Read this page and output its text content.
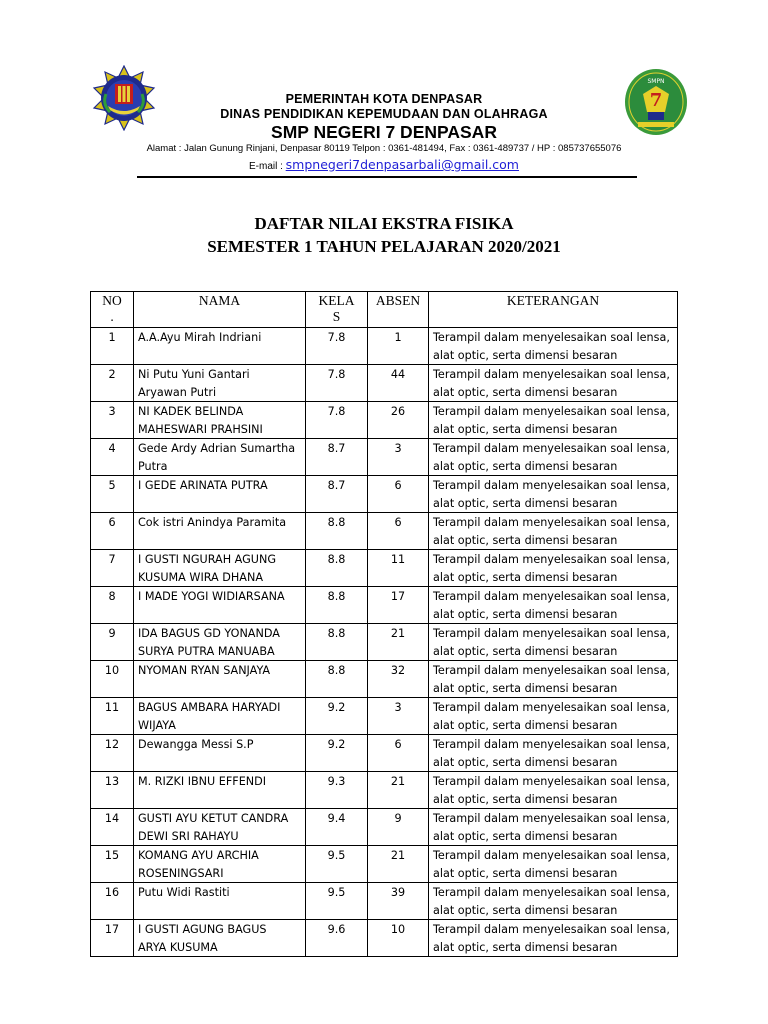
SMPN
7
PEMERINTAH KOTA DENPASAR
DINAS PENDIDIKAN KEPEMUDAAN DAN OLAHRAGA
SMP NEGERI 7 DENPASAR
Alamat : Jalan Gunung Rinjani, Denpasar 80119 Telpon : 0361-481494, Fax : 0361-489737 / HP : 085737655076
E-mail : smpnegeri7denpasarbali@gmail.com
DAFTAR NILAI EKSTRA FISIKA
SEMESTER 1 TAHUN PELAJARAN 2020/2021
NO
.	NAMA	KELA
S	ABSEN	KETERANGAN
1	A.A.Ayu Mirah Indriani	7.8	1	Terampil dalam menyelesaikan soal lensa,
alat optic, serta dimensi besaran
2	Ni Putu Yuni Gantari
Aryawan Putri	7.8	44	Terampil dalam menyelesaikan soal lensa,
alat optic, serta dimensi besaran
3	NI KADEK BELINDA
MAHESWARI PRAHSINI	7.8	26	Terampil dalam menyelesaikan soal lensa,
alat optic, serta dimensi besaran
4	Gede Ardy Adrian Sumartha
Putra	8.7	3	Terampil dalam menyelesaikan soal lensa,
alat optic, serta dimensi besaran
5	I GEDE ARINATA PUTRA	8.7	6	Terampil dalam menyelesaikan soal lensa,
alat optic, serta dimensi besaran
6	Cok istri Anindya Paramita	8.8	6	Terampil dalam menyelesaikan soal lensa,
alat optic, serta dimensi besaran
7	I GUSTI NGURAH AGUNG
KUSUMA WIRA DHANA	8.8	11	Terampil dalam menyelesaikan soal lensa,
alat optic, serta dimensi besaran
8	I MADE YOGI WIDIARSANA	8.8	17	Terampil dalam menyelesaikan soal lensa,
alat optic, serta dimensi besaran
9	IDA BAGUS GD YONANDA
SURYA PUTRA MANUABA	8.8	21	Terampil dalam menyelesaikan soal lensa,
alat optic, serta dimensi besaran
10	NYOMAN RYAN SANJAYA	8.8	32	Terampil dalam menyelesaikan soal lensa,
alat optic, serta dimensi besaran
11	BAGUS AMBARA HARYADI
WIJAYA	9.2	3	Terampil dalam menyelesaikan soal lensa,
alat optic, serta dimensi besaran
12	Dewangga Messi S.P	9.2	6	Terampil dalam menyelesaikan soal lensa,
alat optic, serta dimensi besaran
13	M. RIZKI IBNU EFFENDI	9.3	21	Terampil dalam menyelesaikan soal lensa,
alat optic, serta dimensi besaran
14	GUSTI AYU KETUT CANDRA
DEWI SRI RAHAYU	9.4	9	Terampil dalam menyelesaikan soal lensa,
alat optic, serta dimensi besaran
15	KOMANG AYU ARCHIA
ROSENINGSARI	9.5	21	Terampil dalam menyelesaikan soal lensa,
alat optic, serta dimensi besaran
16	Putu Widi Rastiti	9.5	39	Terampil dalam menyelesaikan soal lensa,
alat optic, serta dimensi besaran
17	I GUSTI AGUNG BAGUS
ARYA KUSUMA	9.6	10	Terampil dalam menyelesaikan soal lensa,
alat optic, serta dimensi besaran
